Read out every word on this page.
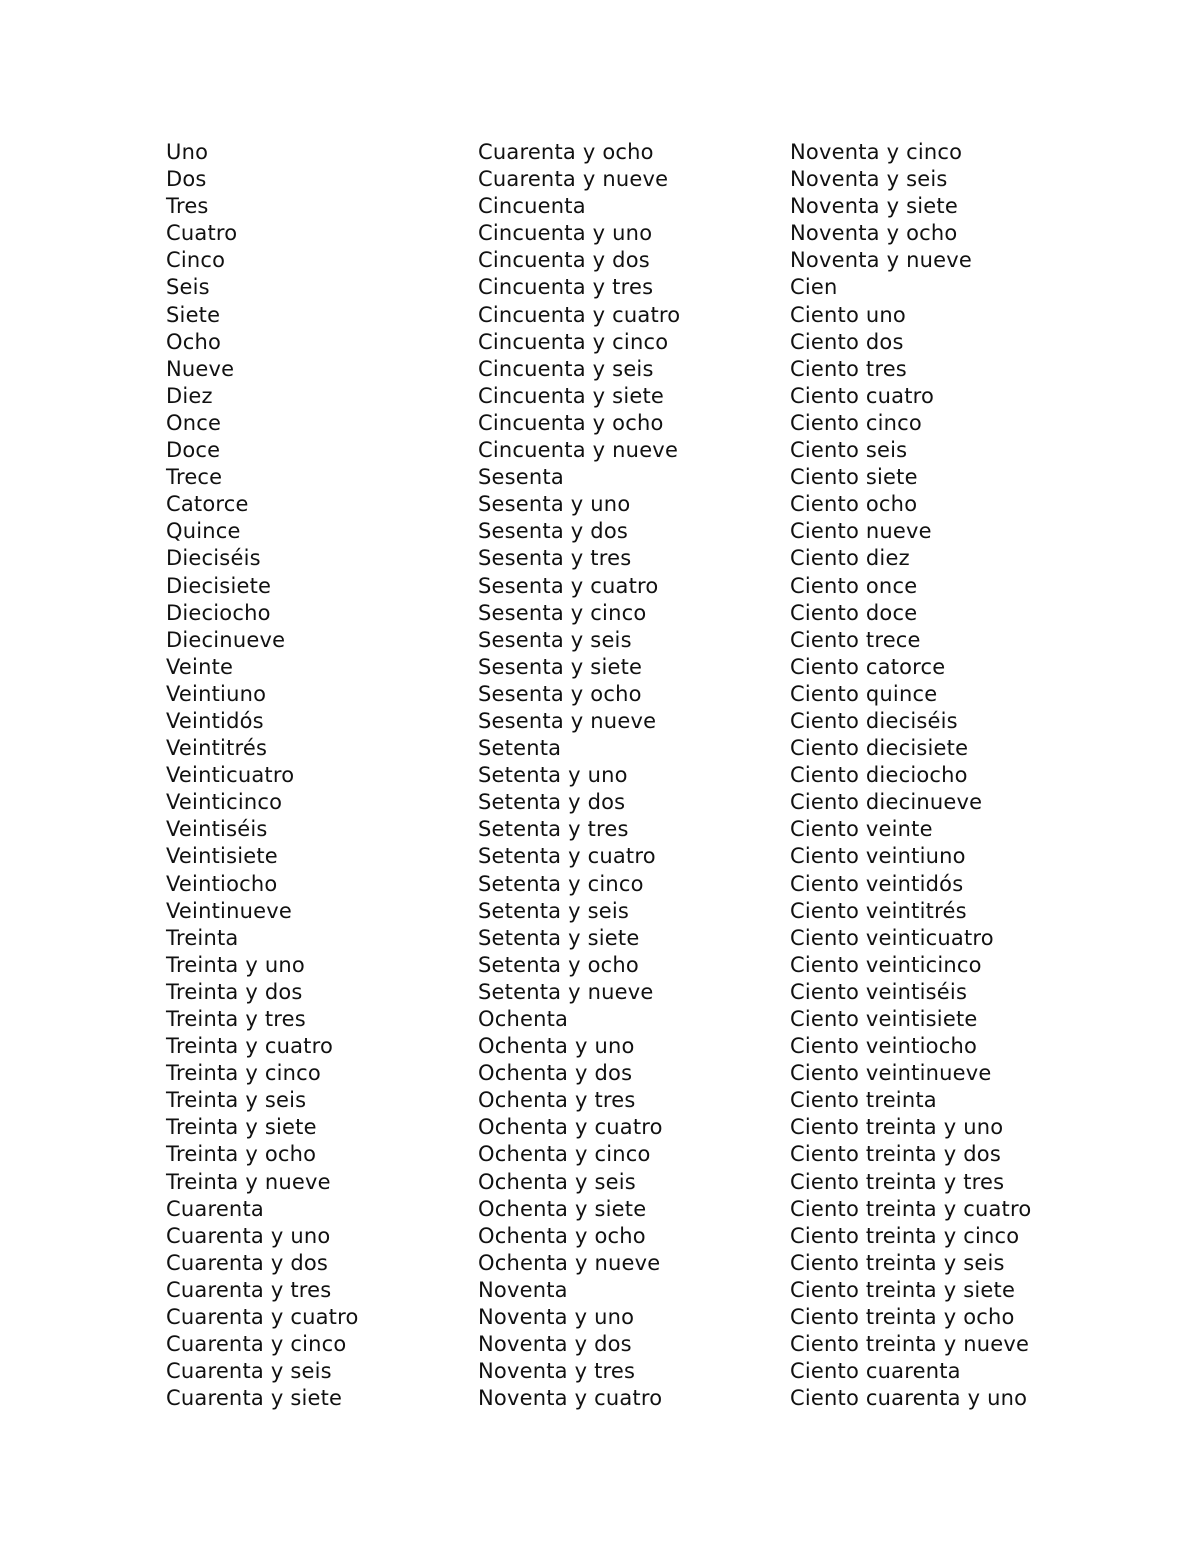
Uno
Dos
Tres
Cuatro
Cinco
Seis
Siete
Ocho
Nueve
Diez
Once
Doce
Trece
Catorce
Quince
Dieciséis
Diecisiete
Dieciocho
Diecinueve
Veinte
Veintiuno
Veintidós
Veintitrés
Veinticuatro
Veinticinco
Veintiséis
Veintisiete
Veintiocho
Veintinueve
Treinta
Treinta y uno
Treinta y dos
Treinta y tres
Treinta y cuatro
Treinta y cinco
Treinta y seis
Treinta y siete
Treinta y ocho
Treinta y nueve
Cuarenta
Cuarenta y uno
Cuarenta y dos
Cuarenta y tres
Cuarenta y cuatro
Cuarenta y cinco
Cuarenta y seis
Cuarenta y siete
Cuarenta y ocho
Cuarenta y nueve
Cincuenta
Cincuenta y uno
Cincuenta y dos
Cincuenta y tres
Cincuenta y cuatro
Cincuenta y cinco
Cincuenta y seis
Cincuenta y siete
Cincuenta y ocho
Cincuenta y nueve
Sesenta
Sesenta y uno
Sesenta y dos
Sesenta y tres
Sesenta y cuatro
Sesenta y cinco
Sesenta y seis
Sesenta y siete
Sesenta y ocho
Sesenta y nueve
Setenta
Setenta y uno
Setenta y dos
Setenta y tres
Setenta y cuatro
Setenta y cinco
Setenta y seis
Setenta y siete
Setenta y ocho
Setenta y nueve
Ochenta
Ochenta y uno
Ochenta y dos
Ochenta y tres
Ochenta y cuatro
Ochenta y cinco
Ochenta y seis
Ochenta y siete
Ochenta y ocho
Ochenta y nueve
Noventa
Noventa y uno
Noventa y dos
Noventa y tres
Noventa y cuatro
Noventa y cinco
Noventa y seis
Noventa y siete
Noventa y ocho
Noventa y nueve
Cien
Ciento uno
Ciento dos
Ciento tres
Ciento cuatro
Ciento cinco
Ciento seis
Ciento siete
Ciento ocho
Ciento nueve
Ciento diez
Ciento once
Ciento doce
Ciento trece
Ciento catorce
Ciento quince
Ciento dieciséis
Ciento diecisiete
Ciento dieciocho
Ciento diecinueve
Ciento veinte
Ciento veintiuno
Ciento veintidós
Ciento veintitrés
Ciento veinticuatro
Ciento veinticinco
Ciento veintiséis
Ciento veintisiete
Ciento veintiocho
Ciento veintinueve
Ciento treinta
Ciento treinta y uno
Ciento treinta y dos
Ciento treinta y tres
Ciento treinta y cuatro
Ciento treinta y cinco
Ciento treinta y seis
Ciento treinta y siete
Ciento treinta y ocho
Ciento treinta y nueve
Ciento cuarenta
Ciento cuarenta y uno
